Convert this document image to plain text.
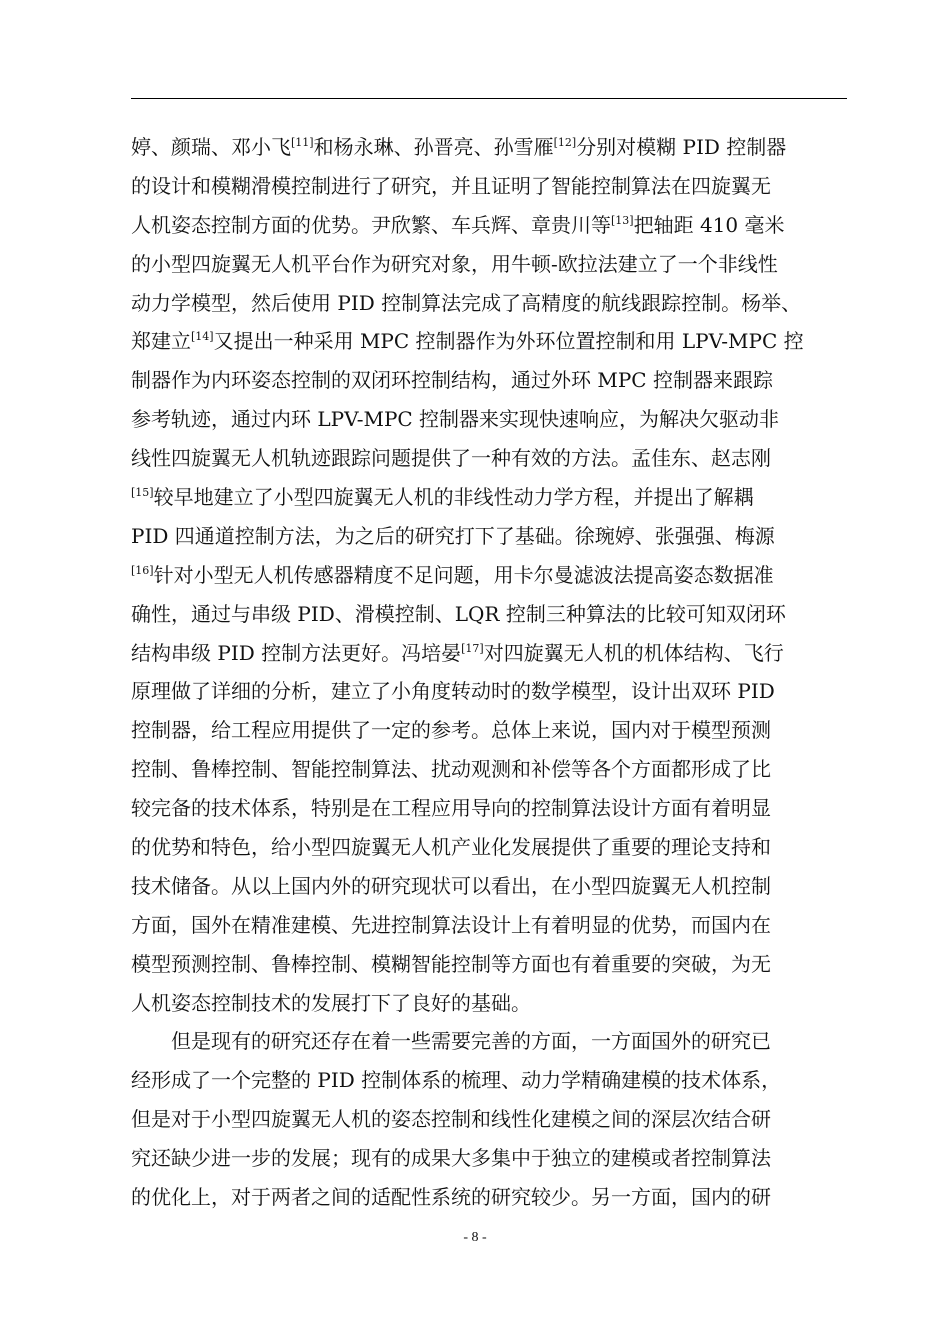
婷、颜瑞、邓小飞[11]和杨永琳、孙晋亮、孙雪雁[12]分别对模糊 PID 控制器
的设计和模糊滑模控制进行了研究，并且证明了智能控制算法在四旋翼无
人机姿态控制方面的优势。尹欣繁、车兵辉、章贵川等[13]把轴距 410 毫米
的小型四旋翼无人机平台作为研究对象，用牛顿-欧拉法建立了一个非线性
动力学模型，然后使用 PID 控制算法完成了高精度的航线跟踪控制。杨举、
郑建立[14]又提出一种采用 MPC 控制器作为外环位置控制和用 LPV-MPC 控
制器作为内环姿态控制的双闭环控制结构，通过外环 MPC 控制器来跟踪
参考轨迹，通过内环 LPV-MPC 控制器来实现快速响应，为解决欠驱动非
线性四旋翼无人机轨迹跟踪问题提供了一种有效的方法。孟佳东、赵志刚
[15]较早地建立了小型四旋翼无人机的非线性动力学方程，并提出了解耦
PID 四通道控制方法，为之后的研究打下了基础。徐琬婷、张强强、梅源
[16]针对小型无人机传感器精度不足问题，用卡尔曼滤波法提高姿态数据准
确性，通过与串级 PID、滑模控制、LQR 控制三种算法的比较可知双闭环
结构串级 PID 控制方法更好。冯培晏[17]对四旋翼无人机的机体结构、飞行
原理做了详细的分析，建立了小角度转动时的数学模型，设计出双环 PID
控制器，给工程应用提供了一定的参考。总体上来说，国内对于模型预测
控制、鲁棒控制、智能控制算法、扰动观测和补偿等各个方面都形成了比
较完备的技术体系，特别是在工程应用导向的控制算法设计方面有着明显
的优势和特色，给小型四旋翼无人机产业化发展提供了重要的理论支持和
技术储备。从以上国内外的研究现状可以看出，在小型四旋翼无人机控制
方面，国外在精准建模、先进控制算法设计上有着明显的优势，而国内在
模型预测控制、鲁棒控制、模糊智能控制等方面也有着重要的突破，为无
人机姿态控制技术的发展打下了良好的基础。
但是现有的研究还存在着一些需要完善的方面，一方面国外的研究已
经形成了一个完整的 PID 控制体系的梳理、动力学精确建模的技术体系，
但是对于小型四旋翼无人机的姿态控制和线性化建模之间的深层次结合研
究还缺少进一步的发展；现有的成果大多集中于独立的建模或者控制算法
的优化上，对于两者之间的适配性系统的研究较少。另一方面，国内的研
- 8 -
